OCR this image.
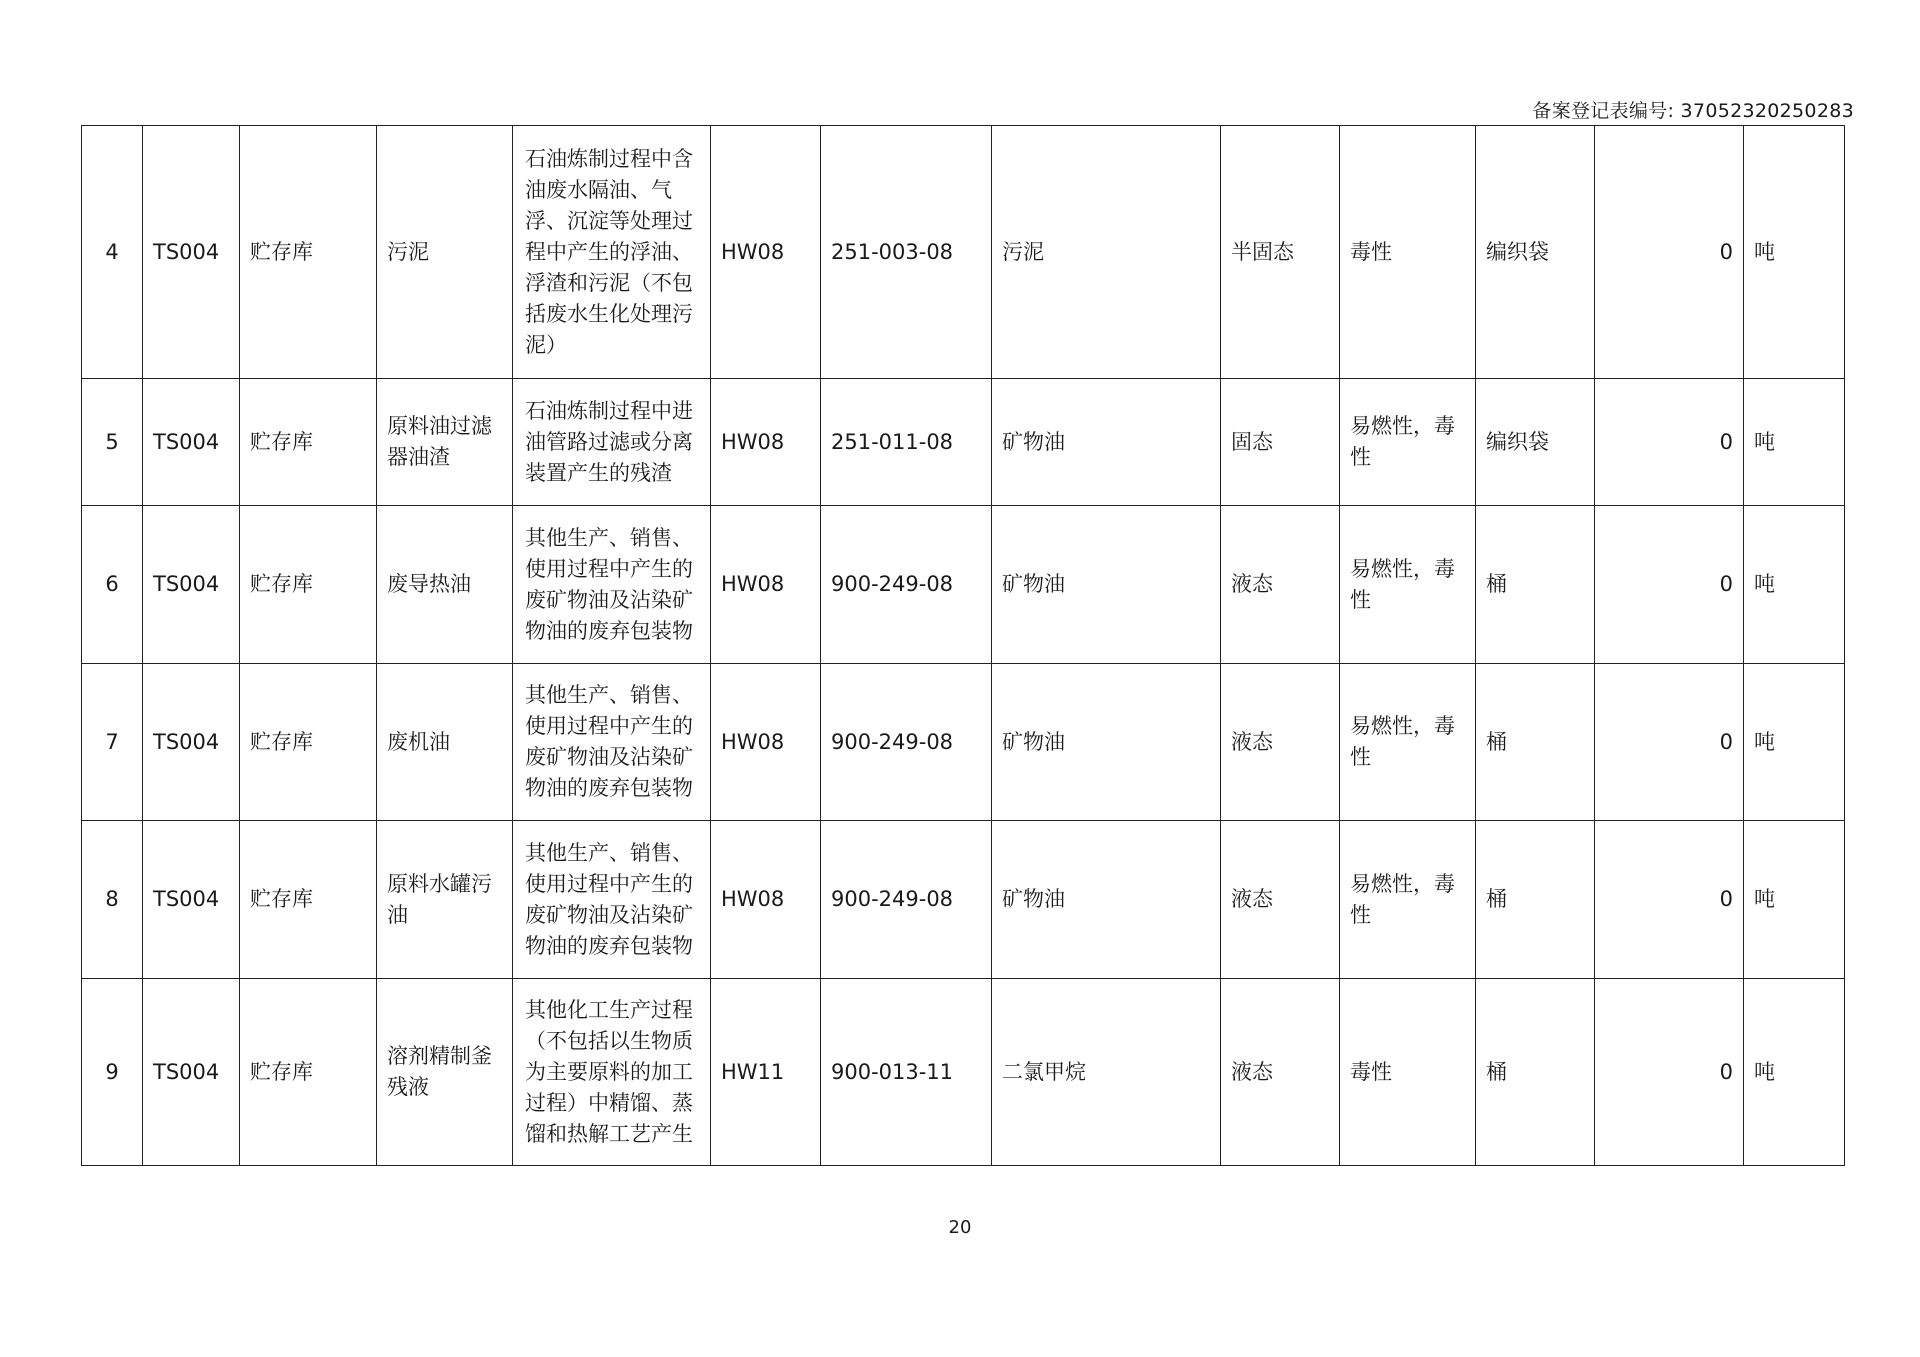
备案登记表编号: 37052320250283
4	TS004	贮存库	污泥	石油炼制过程中含油废水隔油、气浮、沉淀等处理过程中产生的浮油、浮渣和污泥（不包括废水生化处理污泥）	HW08	251-003-08	污泥	半固态	毒性	编织袋	0	吨
5	TS004	贮存库	原料油过滤器油渣	石油炼制过程中进油管路过滤或分离装置产生的残渣	HW08	251-011-08	矿物油	固态	易燃性，毒性	编织袋	0	吨
6	TS004	贮存库	废导热油	其他生产、销售、使用过程中产生的废矿物油及沾染矿物油的废弃包装物	HW08	900-249-08	矿物油	液态	易燃性，毒性	桶	0	吨
7	TS004	贮存库	废机油	其他生产、销售、使用过程中产生的废矿物油及沾染矿物油的废弃包装物	HW08	900-249-08	矿物油	液态	易燃性，毒性	桶	0	吨
8	TS004	贮存库	原料水罐污油	其他生产、销售、使用过程中产生的废矿物油及沾染矿物油的废弃包装物	HW08	900-249-08	矿物油	液态	易燃性，毒性	桶	0	吨
9	TS004	贮存库	溶剂精制釜残液	其他化工生产过程（不包括以生物质为主要原料的加工过程）中精馏、蒸馏和热解工艺产生	HW11	900-013-11	二氯甲烷	液态	毒性	桶	0	吨
20
